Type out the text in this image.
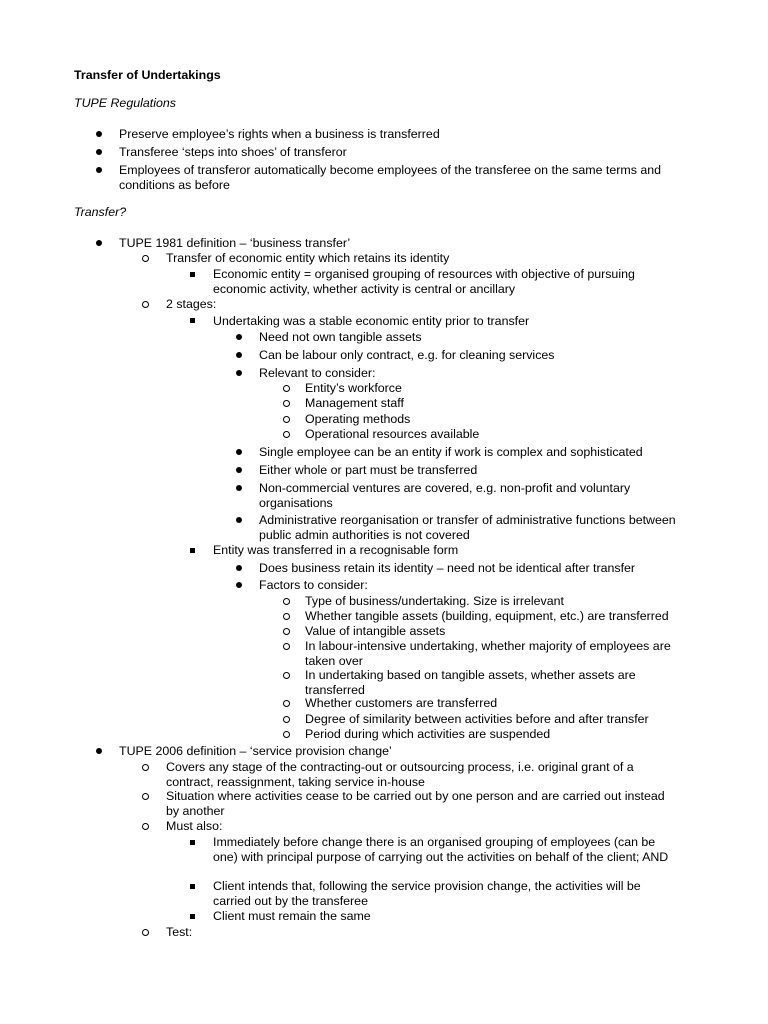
Transfer of Undertakings
TUPE Regulations
Preserve employee’s rights when a business is transferred
Transferee ‘steps into shoes’ of transferor
Employees of transferor automatically become employees of the transferee on the same terms and
conditions as before
Transfer?
TUPE 1981 definition – ‘business transfer’
Transfer of economic entity which retains its identity
Economic entity = organised grouping of resources with objective of pursuing
economic activity, whether activity is central or ancillary
2 stages:
Undertaking was a stable economic entity prior to transfer
Need not own tangible assets
Can be labour only contract, e.g. for cleaning services
Relevant to consider:
Entity’s workforce
Management staff
Operating methods
Operational resources available
Single employee can be an entity if work is complex and sophisticated
Either whole or part must be transferred
Non-commercial ventures are covered, e.g. non-profit and voluntary
organisations
Administrative reorganisation or transfer of administrative functions between
public admin authorities is not covered
Entity was transferred in a recognisable form
Does business retain its identity – need not be identical after transfer
Factors to consider:
Type of business/undertaking. Size is irrelevant
Whether tangible assets (building, equipment, etc.) are transferred
Value of intangible assets
In labour-intensive undertaking, whether majority of employees are
taken over
In undertaking based on tangible assets, whether assets are
transferred
Whether customers are transferred
Degree of similarity between activities before and after transfer
Period during which activities are suspended
TUPE 2006 definition – ‘service provision change’
Covers any stage of the contracting-out or outsourcing process, i.e. original grant of a
contract, reassignment, taking service in-house
Situation where activities cease to be carried out by one person and are carried out instead
by another
Must also:
Immediately before change there is an organised grouping of employees (can be
one) with principal purpose of carrying out the activities on behalf of the client; AND
Client intends that, following the service provision change, the activities will be
carried out by the transferee
Client must remain the same
Test:
